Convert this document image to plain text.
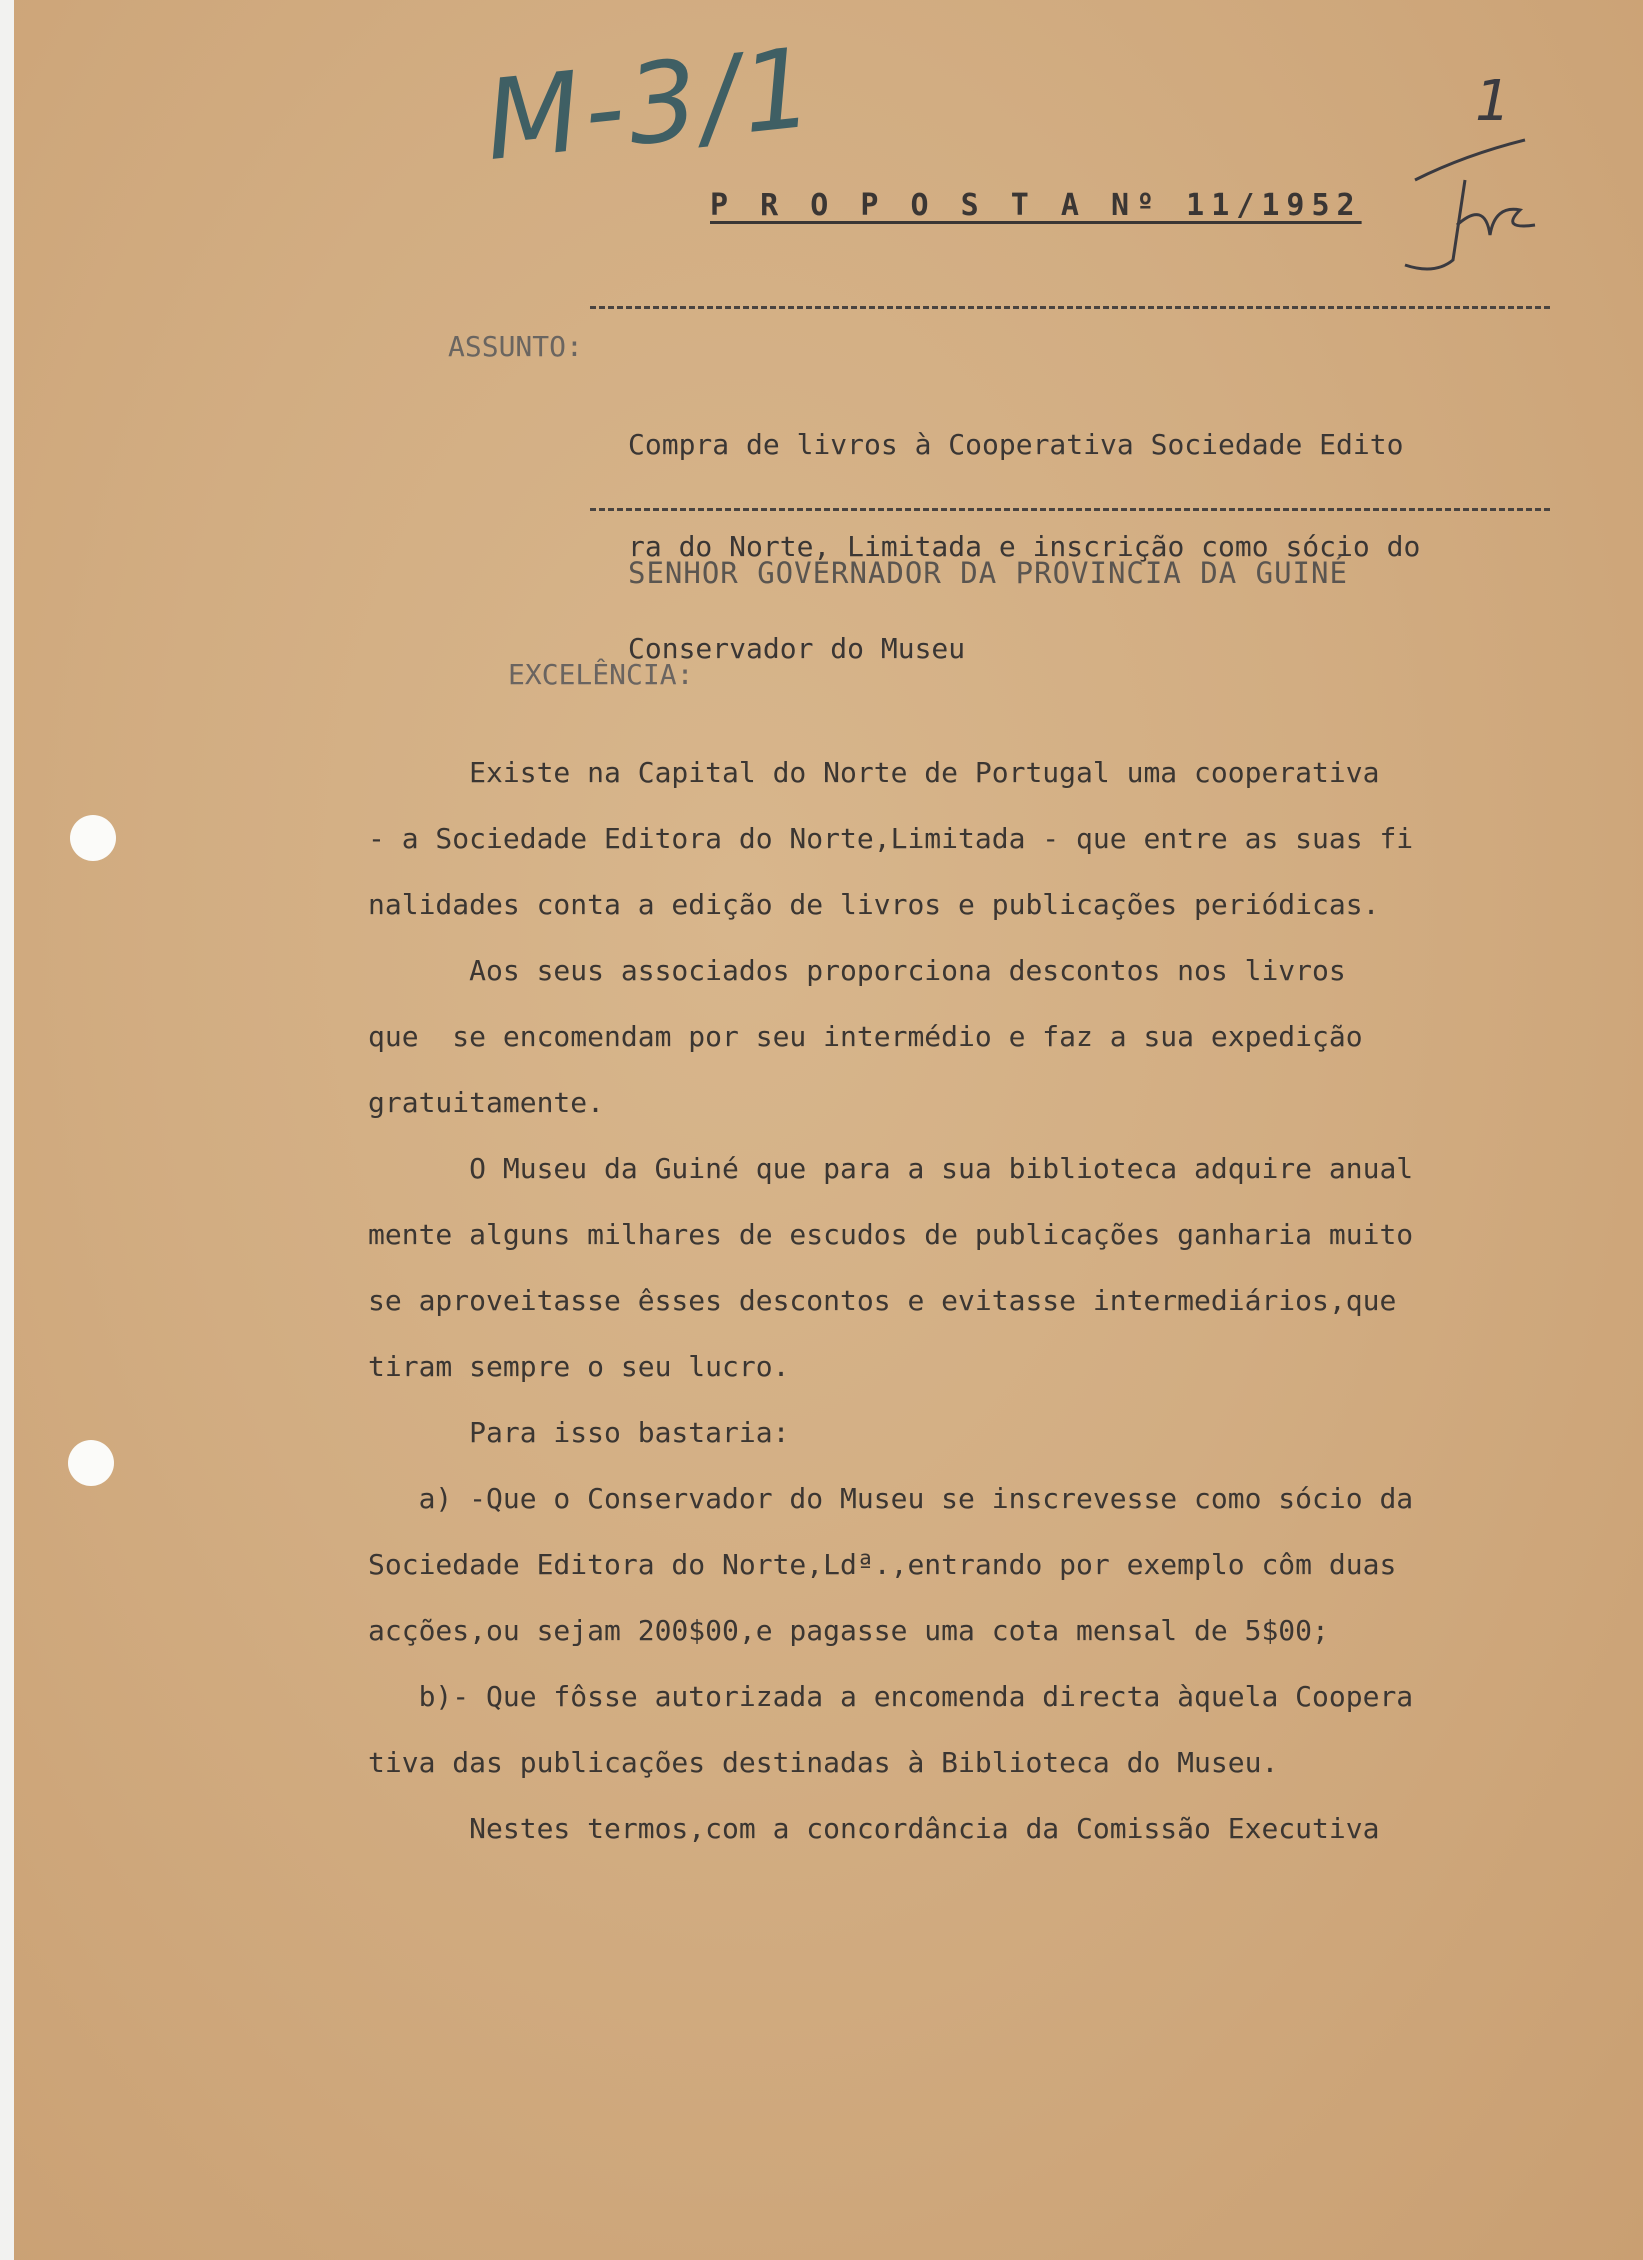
M-3/1	1
P R O P O S T A Nº 11/1952
ASSUNTO:

Compra de livros à Cooperativa Sociedade Edito

ra do Norte, Limitada e inscrição como sócio do

Conservador do Museu

SENHOR GOVERNADOR DA PROVINCIA DA GUINÉ
EXCELÊNCIA:
Existe na Capital do Norte de Portugal uma cooperativa
- a Sociedade Editora do Norte,Limitada - que entre as suas fi
nalidades conta a edição de livros e publicações periódicas.
Aos seus associados proporciona descontos nos livros
que  se encomendam por seu intermédio e faz a sua expedição
gratuitamente.
O Museu da Guiné que para a sua biblioteca adquire anual
mente alguns milhares de escudos de publicações ganharia muito
se aproveitasse êsses descontos e evitasse intermediários,que
tiram sempre o seu lucro.
Para isso bastaria:
a) -Que o Conservador do Museu se inscrevesse como sócio da
Sociedade Editora do Norte,Ldª.,entrando por exemplo côm duas
acções,ou sejam 200$00,e pagasse uma cota mensal de 5$00;
b)- Que fôsse autorizada a encomenda directa àquela Coopera
tiva das publicações destinadas à Biblioteca do Museu.
Nestes termos,com a concordância da Comissão Executiva
